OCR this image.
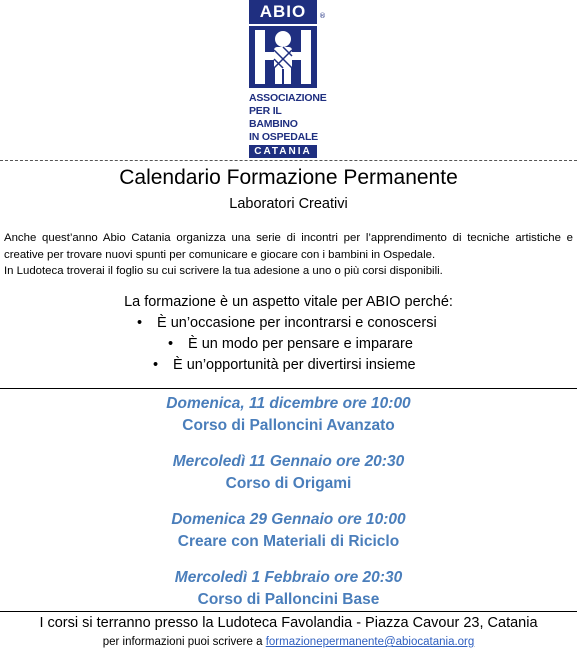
ABIO	®
ASSOCIAZIONE
PER IL BAMBINO
IN OSPEDALE
CATANIA
Calendario Formazione Permanente
Laboratori Creativi

Anche quest’anno Abio Catania organizza una serie di incontri per l’apprendimento di tecniche artistiche e creative per trovare nuovi spunti per comunicare e giocare con i bambini in Ospedale.

In Ludoteca troverai il foglio su cui scrivere la tua adesione a uno o più corsi disponibili.

La formazione è un aspetto vitale per ABIO perché:
• È un’occasione per incontrarsi e conoscersi
• È un modo per pensare e imparare
• È un’opportunità per divertirsi insieme
Domenica, 11 dicembre ore 10:00
Corso di Palloncini Avanzato
Mercoledì 11 Gennaio ore 20:30
Corso di Origami
Domenica 29 Gennaio ore 10:00
Creare con Materiali di Riciclo
Mercoledì 1 Febbraio ore 20:30
Corso di Palloncini Base
I corsi si terranno presso la Ludoteca Favolandia - Piazza Cavour 23, Catania
per informazioni puoi scrivere a formazionepermanente@abiocatania.org
